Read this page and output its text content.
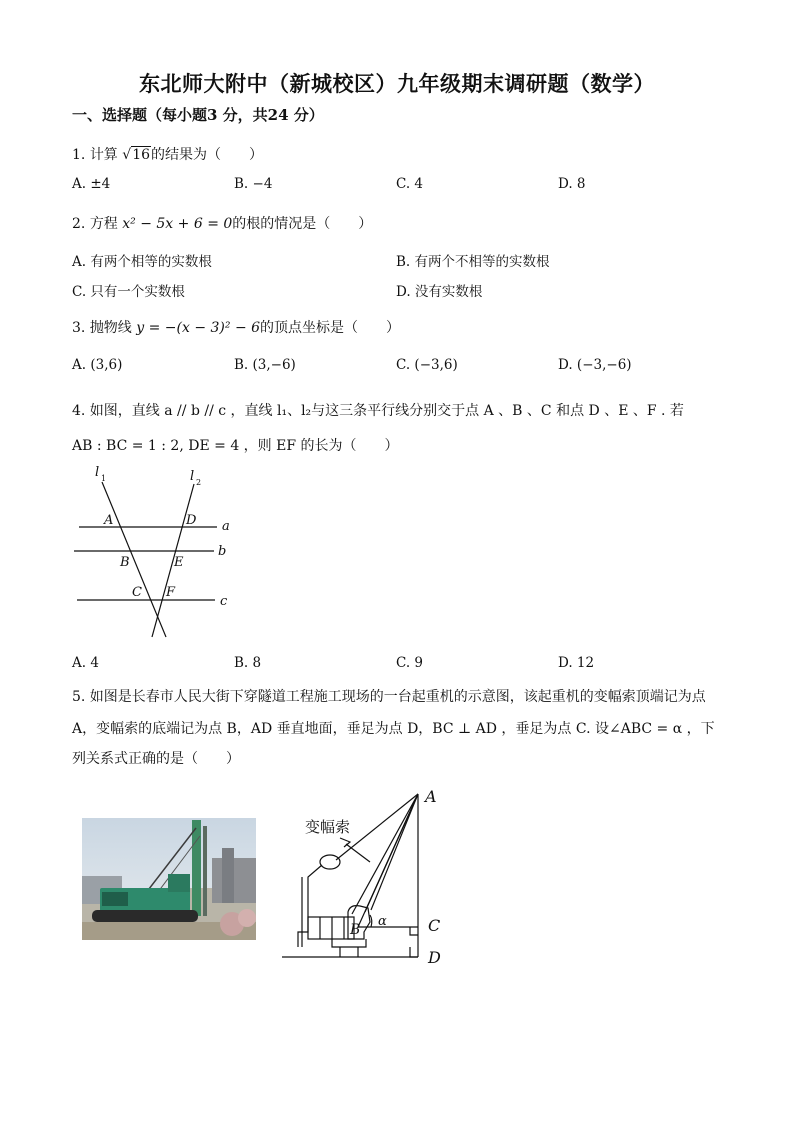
东北师大附中（新城校区）九年级期末调研题（数学）
一、选择题（每小题3 分，共24 分）
1. 计算 √16的结果为（　　）
A. ±4	B. −4	C. 4	D. 8
2. 方程 x² − 5x + 6 = 0的根的情况是（　　）
A. 有两个相等的实数根	B. 有两个不相等的实数根
C. 只有一个实数根	D. 没有实数根
3. 抛物线 y = −(x − 3)² − 6的顶点坐标是（　　）
A. (3,6)	B. (3,−6)	C. (−3,6)	D. (−3,−6)
4. 如图，直线 a // b // c ，直线 l₁、l₂与这三条平行线分别交于点 A 、B 、C 和点 D 、E 、F . 若
AB : BC = 1 : 2, DE = 4 ，则 EF 的长为（　　）
l 1	l 2
A	D a
B	E
b
C F
c
A. 4	B. 8	C. 9	D. 12
5. 如图是长春市人民大街下穿隧道工程施工现场的一台起重机的示意图，该起重机的变幅索顶端记为点
A，变幅索的底端记为点 B，AD 垂直地面，垂足为点 D，BC ⊥ AD ，垂足为点 C. 设∠ABC = α ，下
列关系式正确的是（　　）
A
C
D
B
α
变幅索
